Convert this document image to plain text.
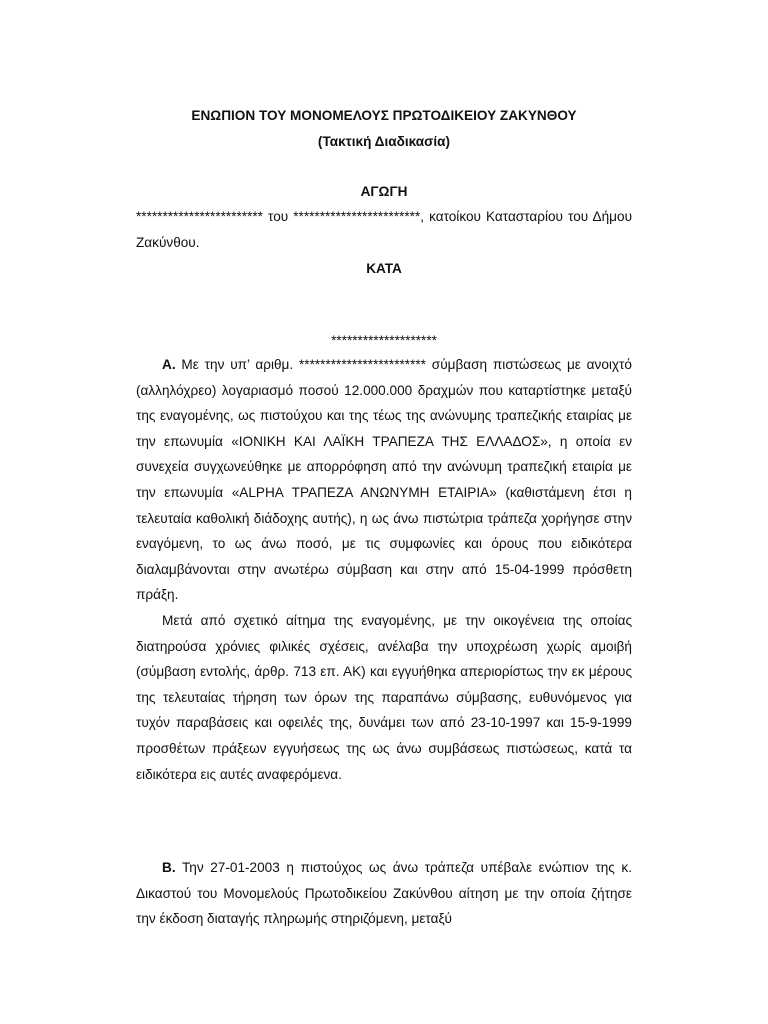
ΕΝΩΠΙΟΝ ΤΟΥ ΜΟΝΟΜΕΛΟΥΣ ΠΡΩΤΟΔΙΚΕΙΟΥ ΖΑΚΥΝΘΟΥ

(Τακτική Διαδικασία)

ΑΓΩΓΗ

************************ του ************************, κατοίκου Κατασταρίου του Δήμου Ζακύνθου.

ΚΑΤΑ

********************

Α. Με την υπ’ αριθμ. ************************ σύμβαση πιστώσεως με ανοιχτό (αλληλόχρεο) λογαριασμό ποσού 12.000.000 δραχμών που καταρτίστηκε μεταξύ της εναγομένης, ως πιστούχου και της τέως της ανώνυμης τραπεζικής εταιρίας με την επωνυμία «ΙΟΝΙΚΗ ΚΑΙ ΛΑΪΚΗ ΤΡΑΠΕΖΑ ΤΗΣ ΕΛΛΑΔΟΣ», η οποία εν συνεχεία συγχωνεύθηκε με απορρόφηση από την ανώνυμη τραπεζική εταιρία με την επωνυμία «ALPHA ΤΡΑΠΕΖΑ ΑΝΩΝΥΜΗ ΕΤΑΙΡΙΑ» (καθιστάμενη έτσι η τελευταία καθολική διάδοχης αυτής), η ως άνω πιστώτρια τράπεζα χορήγησε στην εναγόμενη, το ως άνω ποσό, με τις συμφωνίες και όρους που ειδικότερα διαλαμβάνονται στην ανωτέρω σύμβαση και στην από 15-04-1999 πρόσθετη πράξη.

Μετά από σχετικό αίτημα της εναγομένης, με την οικογένεια της οποίας διατηρούσα χρόνιες φιλικές σχέσεις, ανέλαβα την υποχρέωση χωρίς αμοιβή (σύμβαση εντολής, άρθρ. 713 επ. ΑΚ) και εγγυήθηκα απεριορίστως την εκ μέρους της τελευταίας τήρηση των όρων της παραπάνω σύμβασης, ευθυνόμενος για τυχόν παραβάσεις και οφειλές της, δυνάμει των από 23-10-1997 και 15-9-1999 προσθέτων πράξεων εγγυήσεως της ως άνω συμβάσεως πιστώσεως, κατά τα ειδικότερα εις αυτές αναφερόμενα.

Β. Την 27-01-2003 η πιστούχος ως άνω τράπεζα υπέβαλε ενώπιον της κ. Δικαστού του Μονομελούς Πρωτοδικείου Ζακύνθου αίτηση με την οποία ζήτησε την έκδοση διαταγής πληρωμής στηριζόμενη, μεταξύ
